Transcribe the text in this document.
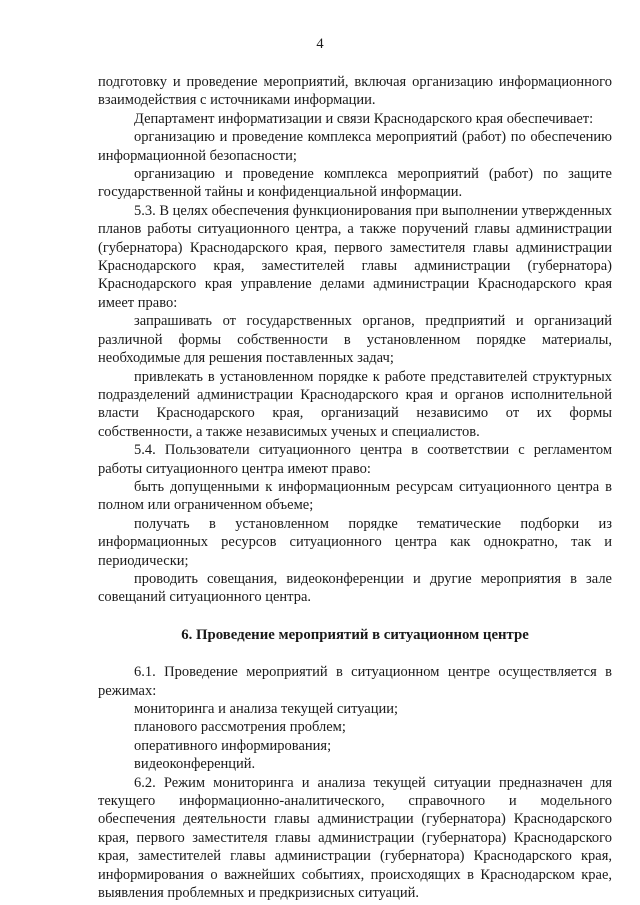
4

подготовку и проведение мероприятий, включая организацию информационного взаимодействия с источниками информации.

Департамент информатизации и связи Краснодарского края обеспечивает:

организацию и проведение комплекса мероприятий (работ) по обеспечению информационной безопасности;

организацию и проведение комплекса мероприятий (работ) по защите государственной тайны и конфиденциальной информации.

5.3. В целях обеспечения функционирования при выполнении утвержденных планов работы ситуационного центра, а также поручений главы администрации (губернатора) Краснодарского края, первого заместителя главы администрации Краснодарского края, заместителей главы администрации (губернатора) Краснодарского края управление делами администрации Краснодарского края имеет право:

запрашивать от государственных органов, предприятий и организаций различной формы собственности в установленном порядке материалы, необходимые для решения поставленных задач;

привлекать в установленном порядке к работе представителей структурных подразделений администрации Краснодарского края и органов исполнительной власти Краснодарского края, организаций независимо от их формы собственности, а также независимых ученых и специалистов.

5.4. Пользователи ситуационного центра в соответствии с регламентом работы ситуационного центра имеют право:

быть допущенными к информационным ресурсам ситуационного центра в полном или ограниченном объеме;

получать в установленном порядке тематические подборки из информационных ресурсов ситуационного центра как однократно, так и периодически;

проводить совещания, видеоконференции и другие мероприятия в зале совещаний ситуационного центра.

6. Проведение мероприятий в ситуационном центре

6.1. Проведение мероприятий в ситуационном центре осуществляется в режимах:

мониторинга и анализа текущей ситуации;

планового рассмотрения проблем;

оперативного информирования;

видеоконференций.

6.2. Режим мониторинга и анализа текущей ситуации предназначен для текущего информационно-аналитического, справочного и модельного обеспечения деятельности главы администрации (губернатора) Краснодарского края, первого заместителя главы администрации (губернатора) Краснодарского края, заместителей главы администрации (губернатора) Краснодарского края, информирования о важнейших событиях, происходящих в Краснодарском крае, выявления проблемных и предкризисных ситуаций.
